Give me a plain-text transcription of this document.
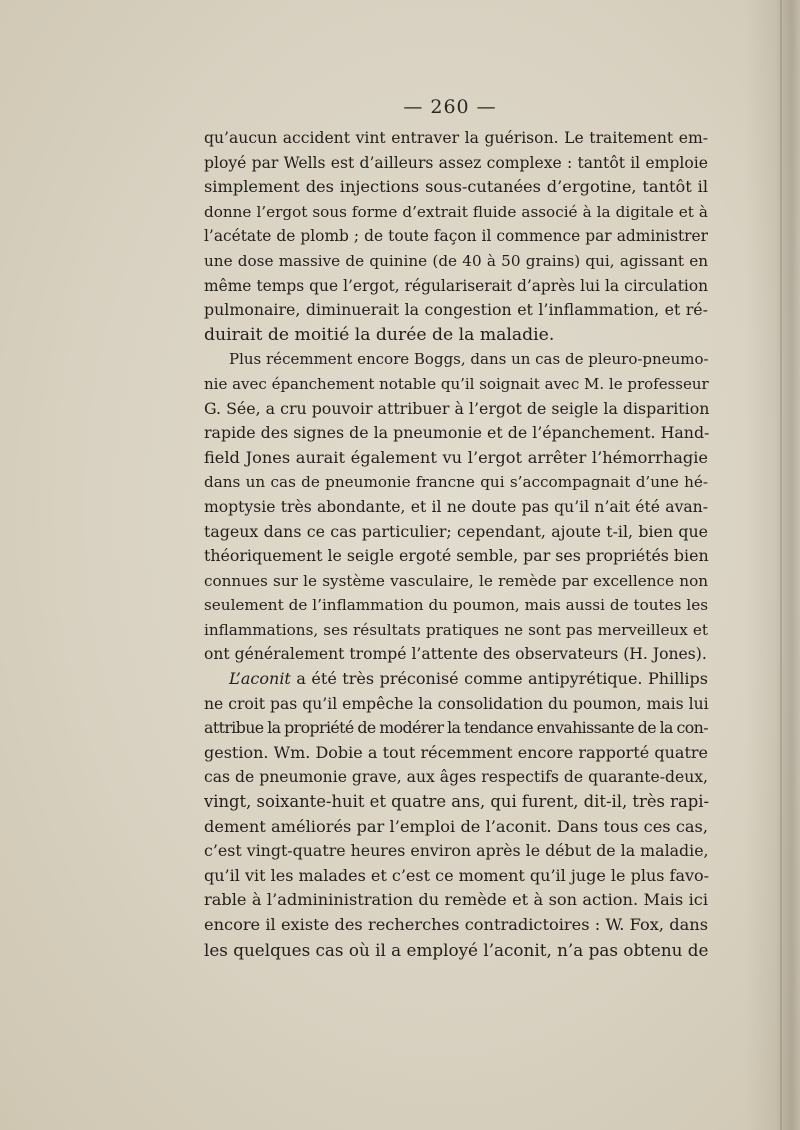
— 260 —
qu’aucun accident vint entraver la guérison. Le traitement em-
ployé par Wells est d’ailleurs assez complexe : tantôt il emploie
simplement des injections sous-cutanées d’ergotine, tantôt il
donne l’ergot sous forme d’extrait fluide associé à la digitale et à
l’acétate de plomb ; de toute façon il commence par administrer
une dose massive de quinine (de 40 à 50 grains) qui, agissant en
même temps que l’ergot, régulariserait d’après lui la circulation
pulmonaire, diminuerait la congestion et l’inflammation, et ré-
duirait de moitié la durée de la maladie.
Plus récemment encore Boggs, dans un cas de pleuro-pneumo-
nie avec épanchement notable qu’il soignait avec M. le professeur
G. Sée, a cru pouvoir attribuer à l’ergot de seigle la disparition
rapide des signes de la pneumonie et de l’épanchement. Hand-
field Jones aurait également vu l’ergot arrêter l’hémorrhagie
dans un cas de pneumonie francne qui s’accompagnait d’une hé-
moptysie très abondante, et il ne doute pas qu’il n’ait été avan-
tageux dans ce cas particulier; cependant, ajoute t-il, bien que
théoriquement le seigle ergoté semble, par ses propriétés bien
connues sur le système vasculaire, le remède par excellence non
seulement de l’inflammation du poumon, mais aussi de toutes les
inflammations, ses résultats pratiques ne sont pas merveilleux et
ont généralement trompé l’attente des observateurs (H. Jones).
L’aconit a été très préconisé comme antipyrétique. Phillips
ne croit pas qu’il empêche la consolidation du poumon, mais lui
attribue la propriété de modérer la tendance envahissante de la con-
gestion. Wm. Dobie a tout récemment encore rapporté quatre
cas de pneumonie grave, aux âges respectifs de quarante-deux,
vingt, soixante-huit et quatre ans, qui furent, dit-il, très rapi-
dement améliorés par l’emploi de l’aconit. Dans tous ces cas,
c’est vingt-quatre heures environ après le début de la maladie,
qu’il vit les malades et c’est ce moment qu’il juge le plus favo-
rable à l’admininistration du remède et à son action. Mais ici
encore il existe des recherches contradictoires : W. Fox, dans
les quelques cas où il a employé l’aconit, n’a pas obtenu de
